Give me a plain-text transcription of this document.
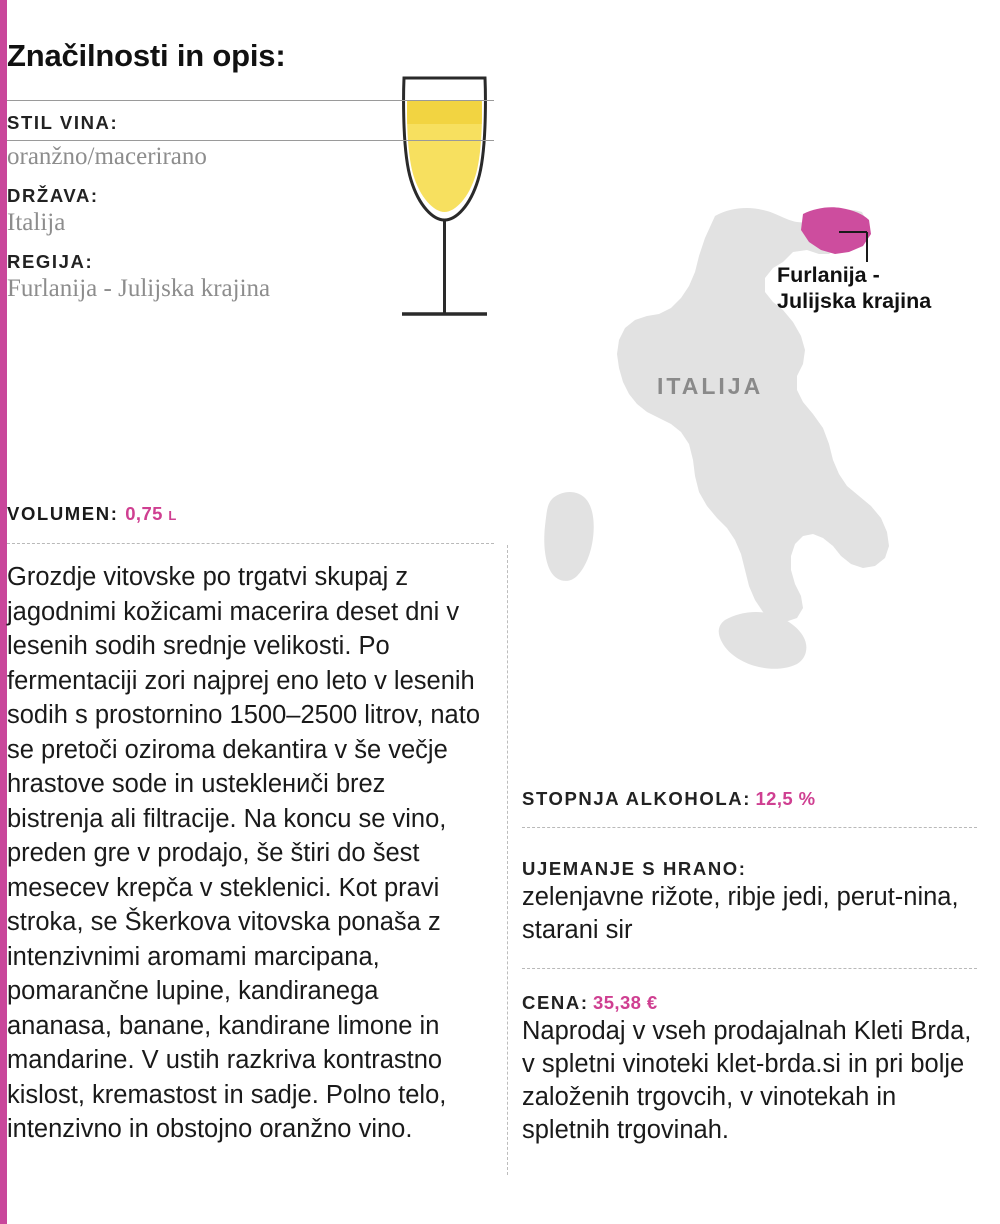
Značilnosti in opis:
ITALIJA
Furlanija -
Julijska krajina
STIL VINA:
oranžno/macerirano
DRŽAVA:
Italija
REGIJA:
Furlanija - Julijska krajina
VOLUMEN: 0,75 l
Grozdje vitovske po trgatvi skupaj z jagodnimi kožicami macerira deset dni v lesenih sodih srednje velikosti. Po fermentaciji zori najprej eno leto v lesenih sodih s prostornino 1500–2500 litrov, nato se pretoči oziroma dekantira v še večje hrastove sode in usteklениči brez bistrenja ali filtracije. Na koncu se vino, preden gre v prodajo, še štiri do šest mesecev krepča v steklenici. Kot pravi stroka, se Škerkova vitovska ponaša z intenzivnimi aromami marcipana, pomarančne lupine, kandiranega ananasa, banane, kandirane limone in mandarine. V ustih razkriva kontrastno kislost, kremastost in sadje. Polno telo, intenzivno in obstojno oranžno vino.
STOPNJA ALKOHOLA: 12,5 %
UJEMANJE S HRANO:
zelenjavne rižote, ribje jedi, perut-nina, starani sir
CENA: 35,38 €
Naprodaj v vseh prodajalnah Kleti Brda, v spletni vinoteki klet-brda.si in pri bolje založenih trgovcih, v vinotekah in spletnih trgovinah.
